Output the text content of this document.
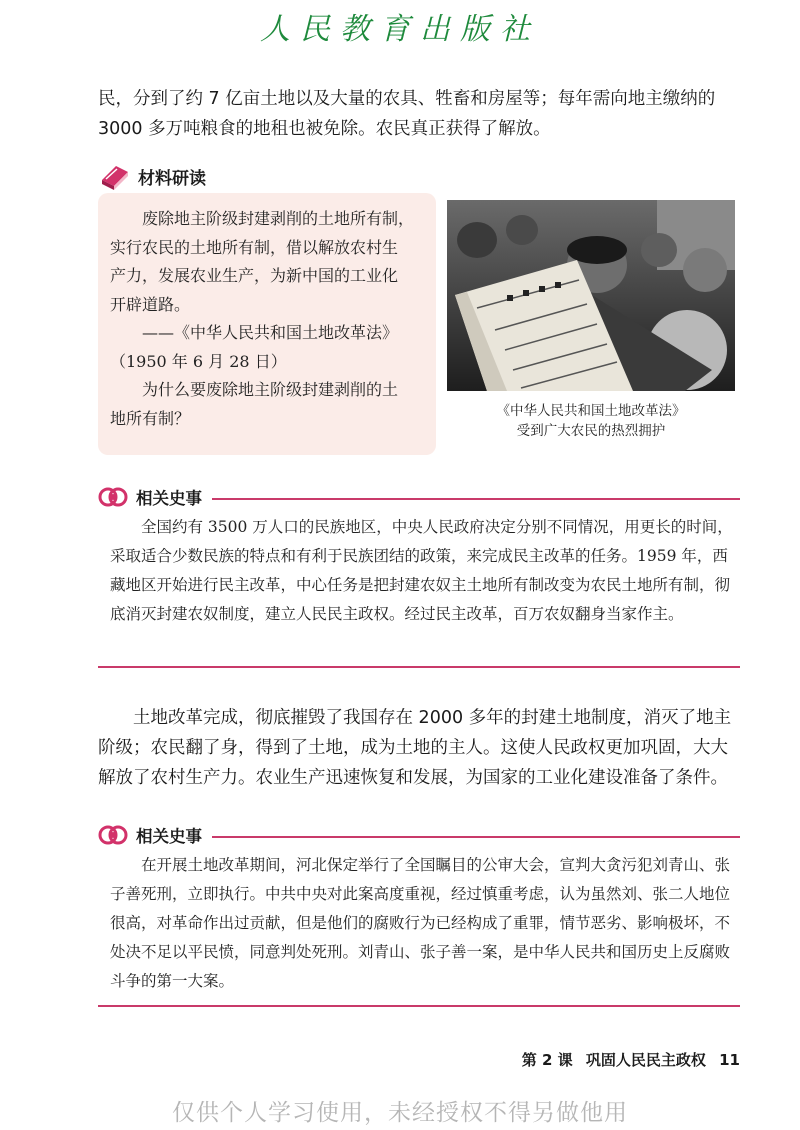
人民教育出版社

民，分到了约 7 亿亩土地以及大量的农具、牲畜和房屋等；每年需向地主缴纳的

3000 多万吨粮食的地租也被免除。农民真正获得了解放。

材料研读

废除地主阶级封建剥削的土地所有制，

实行农民的土地所有制，借以解放农村生

产力，发展农业生产，为新中国的工业化

开辟道路。

——《中华人民共和国土地改革法》

（1950 年 6 月 28 日）

为什么要废除地主阶级封建剥削的土

地所有制？	《中华人民共和国土地改革法》
受到广大农民的热烈拥护
相关史事

全国约有 3500 万人口的民族地区，中央人民政府决定分别不同情况，用更长的时间，采取适合少数民族的特点和有利于民族团结的政策，来完成民主改革的任务。1959 年，西藏地区开始进行民主改革，中心任务是把封建农奴主土地所有制改变为农民土地所有制，彻底消灭封建农奴制度，建立人民民主政权。经过民主改革，百万农奴翻身当家作主。

土地改革完成，彻底摧毁了我国存在 2000 多年的封建土地制度，消灭了地主阶级；农民翻了身，得到了土地，成为土地的主人。这使人民政权更加巩固，大大解放了农村生产力。农业生产迅速恢复和发展，为国家的工业化建设准备了条件。

相关史事

在开展土地改革期间，河北保定举行了全国瞩目的公审大会，宣判大贪污犯刘青山、张子善死刑，立即执行。中共中央对此案高度重视，经过慎重考虑，认为虽然刘、张二人地位很高，对革命作出过贡献，但是他们的腐败行为已经构成了重罪，情节恶劣、影响极坏，不处决不足以平民愤，同意判处死刑。刘青山、张子善一案，是中华人民共和国历史上反腐败斗争的第一大案。

第 2 课 巩固人民民主政权 11
仅供个人学习使用，未经授权不得另做他用
